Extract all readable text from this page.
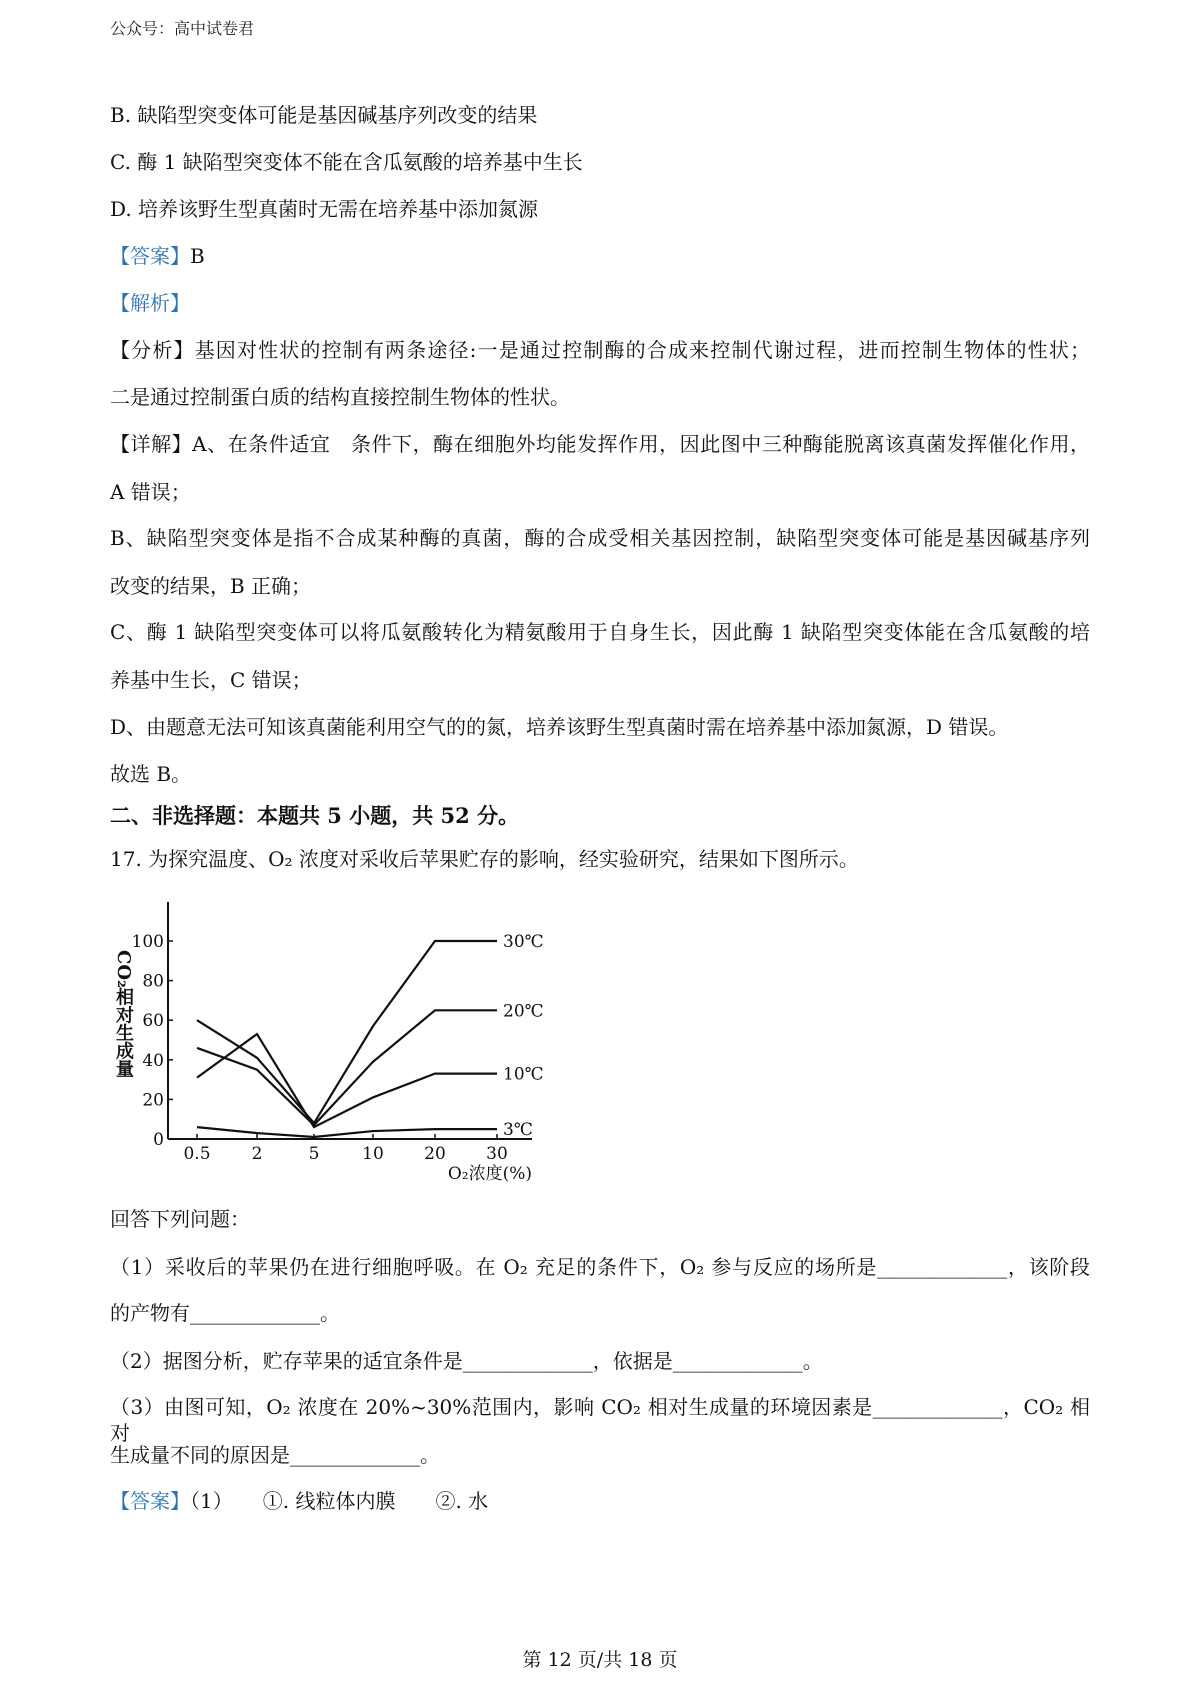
公众号：高中试卷君
B. 缺陷型突变体可能是基因碱基序列改变的结果
C. 酶 1 缺陷型突变体不能在含瓜氨酸的培养基中生长
D. 培养该野生型真菌时无需在培养基中添加氮源
【答案】B
【解析】
【分析】基因对性状的控制有两条途径:一是通过控制酶的合成来控制代谢过程，进而控制生物体的性状；
二是通过控制蛋白质的结构直接控制生物体的性状。
【详解】A、在条件适宜　条件下，酶在细胞外均能发挥作用，因此图中三种酶能脱离该真菌发挥催化作用，
A 错误；
B、缺陷型突变体是指不合成某种酶的真菌，酶的合成受相关基因控制，缺陷型突变体可能是基因碱基序列
改变的结果，B 正确；
C、酶 1 缺陷型突变体可以将瓜氨酸转化为精氨酸用于自身生长，因此酶 1 缺陷型突变体能在含瓜氨酸的培
养基中生长，C 错误；
D、由题意无法可知该真菌能利用空气的的氮，培养该野生型真菌时需在培养基中添加氮源，D 错误。
故选 B。
二、非选择题：本题共 5 小题，共 52 分。
17. 为探究温度、O₂ 浓度对采收后苹果贮存的影响，经实验研究，结果如下图所示。
CO₂相对生成量
0
20
40
60
80
100
0.5 2	5	10 20 30
O₂浓度(%)
30℃
20℃
10℃
3℃
回答下列问题：
（1）采收后的苹果仍在进行细胞呼吸。在 O₂ 充足的条件下，O₂ 参与反应的场所是_____________，该阶段
的产物有_____________。
（2）据图分析，贮存苹果的适宜条件是_____________，依据是_____________。
（3）由图可知，O₂ 浓度在 20%~30%范围内，影响 CO₂ 相对生成量的环境因素是_____________，CO₂ 相对
生成量不同的原因是_____________。
【答案】（1）　　①. 线粒体内膜　　②. 水
第 12 页/共 18 页
